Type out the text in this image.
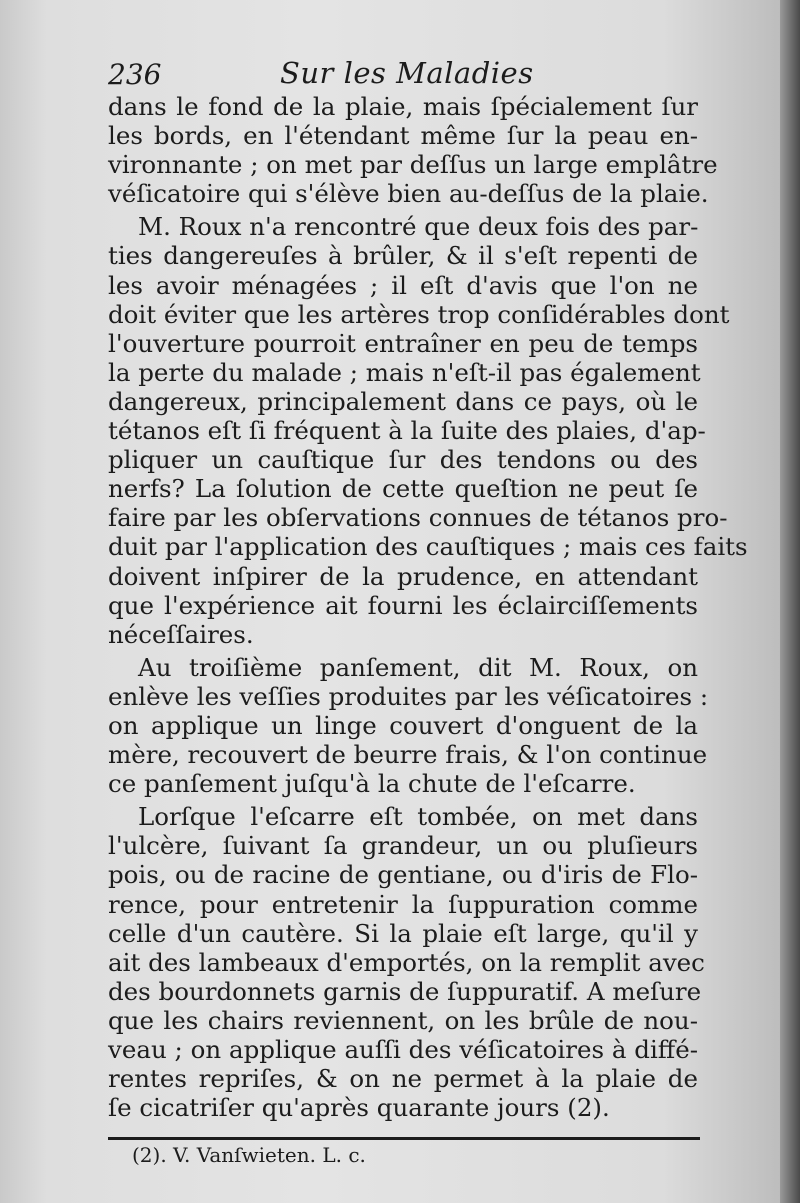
236	Sur les Maladies
dans le fond de la plaie, mais ſpécialement ſur
les bords, en l'étendant même ſur la peau en-
vironnante ; on met par deſſus un large emplâtre
véſicatoire qui s'élève bien au-deſſus de la plaie.
M. Roux n'a rencontré que deux fois des par-
ties dangereuſes à brûler, & il s'eſt repenti de
les avoir ménagées ; il eſt d'avis que l'on ne
doit éviter que les artères trop conſidérables dont
l'ouverture pourroit entraîner en peu de temps
la perte du malade ; mais n'eſt-il pas également
dangereux, principalement dans ce pays, où le
tétanos eſt ſi fréquent à la ſuite des plaies, d'ap-
pliquer un cauſtique ſur des tendons ou des
nerfs? La ſolution de cette queſtion ne peut ſe
faire par les obſervations connues de tétanos pro-
duit par l'application des cauſtiques ; mais ces faits
doivent inſpirer de la prudence, en attendant
que l'expérience ait fourni les éclairciſſements
néceſſaires.
Au troiſième panſement, dit M. Roux, on
enlève les veſſies produites par les véſicatoires :
on applique un linge couvert d'onguent de la
mère, recouvert de beurre frais, & l'on continue
ce panſement juſqu'à la chute de l'eſcarre.
Lorſque l'eſcarre eſt tombée, on met dans
l'ulcère, ſuivant ſa grandeur, un ou pluſieurs
pois, ou de racine de gentiane, ou d'iris de Flo-
rence, pour entretenir la ſuppuration comme
celle d'un cautère. Si la plaie eſt large, qu'il y
ait des lambeaux d'emportés, on la remplit avec
des bourdonnets garnis de ſuppuratif. A meſure
que les chairs reviennent, on les brûle de nou-
veau ; on applique auſſi des véſicatoires à diffé-
rentes repriſes, & on ne permet à la plaie de
ſe cicatriſer qu'après quarante jours (2).
(2). V. Vanſwieten. L. c.
